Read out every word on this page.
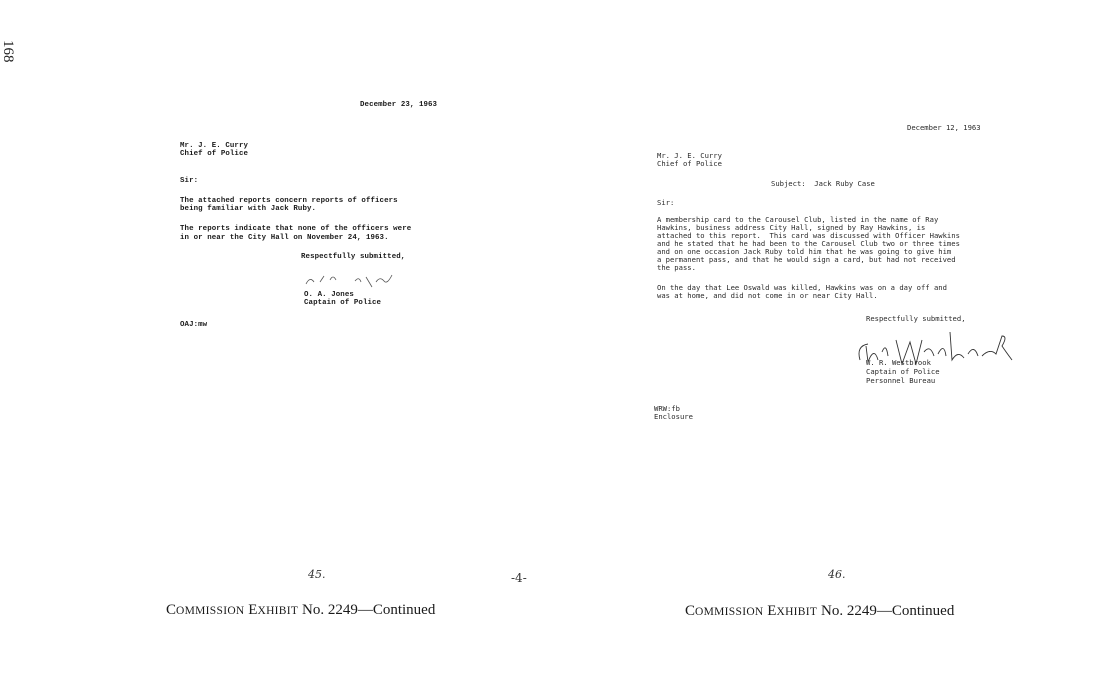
168
December 23, 1963
Mr. J. E. Curry
Chief of Police
Sir:
The attached reports concern reports of officers
being familiar with Jack Ruby.
The reports indicate that none of the officers were
in or near the City Hall on November 24, 1963.
Respectfully submitted,
O. A. Jones
Captain of Police
OAJ:mw
45.	-4-
December 12, 1963
Mr. J. E. Curry
Chief of Police
Subject:  Jack Ruby Case
Sir:
A membership card to the Carousel Club, listed in the name of Ray
Hawkins, business address City Hall, signed by Ray Hawkins, is
attached to this report.  This card was discussed with Officer Hawkins
and he stated that he had been to the Carousel Club two or three times
and on one occasion Jack Ruby told him that he was going to give him
a permanent pass, and that he would sign a card, but had not received
the pass.
On the day that Lee Oswald was killed, Hawkins was on a day off and
was at home, and did not come in or near City Hall.
Respectfully submitted,
W. R. Westbrook
Captain of Police
Personnel Bureau
WRW:fb
Enclosure
46.
COMMISSION EXHIBIT No. 2249—Continued	COMMISSION EXHIBIT No. 2249—Continued
